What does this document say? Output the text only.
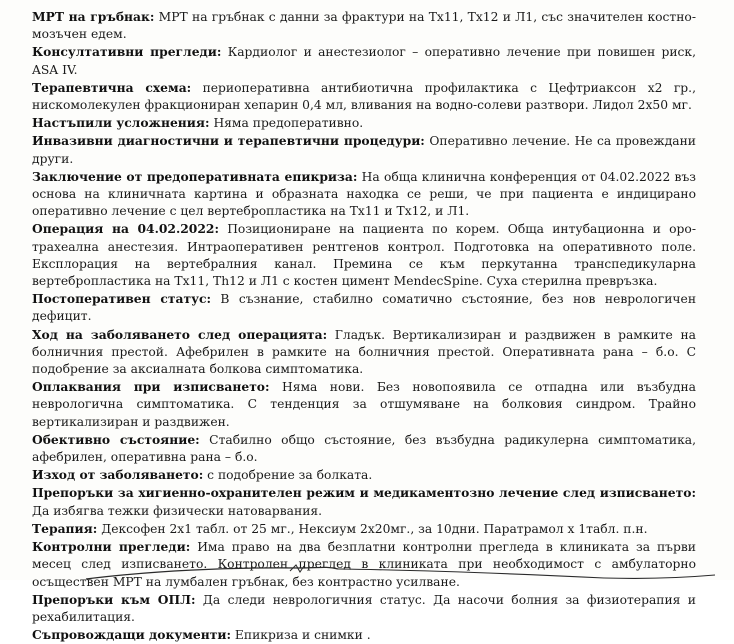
МРТ на гръбнак: МРТ на гръбнак с данни за фрактури на Tx11, Tx12 и Л1, със значителен костно-мозъчен едем.

Консултативни прегледи: Кардиолог и анестезиолог – оперативно лечение при повишен риск, ASA IV.

Терапевтична схема: периоперативна антибиотична профилактика с Цефтриаксон х2 гр., нискомолекулен фракциониран хепарин 0,4 мл, вливания на водно-солеви разтвори. Лидол 2х50 мг.

Настъпили усложнения: Няма предоперативно.

Инвазивни диагностични и терапевтични процедури: Оперативно лечение. Не са провеждани други.

Заключение от предоперативната епикриза: На обща клинична конференция от 04.02.2022 въз основа на клиничната картина и образната находка се реши, че при пациента е индицирано оперативно лечение с цел вертебропластика на Tx11 и Tx12, и Л1.

Операция на 04.02.2022: Позициониране на пациента по корем. Обща интубационна и оро-трахеална анестезия. Интраоперативен рентгенов контрол. Подготовка на оперативното поле. Експлорация на вертебралния канал. Премина се към перкутанна транспедикуларна вертебропластика на Tx11, Th12 и Л1 с костен цимент MendecSpine. Суха стерилна превръзка.

Постоперативен статус: В съзнание, стабилно соматично състояние, без нов неврологичен дефицит.

Ход на заболяването след операцията: Гладък. Вертикализиран и раздвижен в рамките на болничния престой. Афебрилен в рамките на болничния престой. Оперативната рана – б.о. С подобрение за аксиалната болкова симптоматика.

Оплаквания при изписването: Няма нови. Без новопоявила се отпадна или възбудна неврологична симптоматика. С тенденция за отшумяване на болковия синдром. Трайно вертикализиран и раздвижен.

Обективно състояние: Стабилно общо състояние, без възбудна радикулерна симптоматика, афебрилен, оперативна рана – б.о.

Изход от заболяването: с подобрение за болката.

Препоръки за хигиенно-охранителен режим и медикаментозно лечение след изписването: Да избягва тежки физически натоварвания.

Терапия: Дексофен 2х1 табл. от 25 мг., Нексиум 2х20мг., за 10дни. Паратрамол х 1табл. п.н.

Контролни прегледи: Има право на два безплатни контролни прегледа в клиниката за първи месец след изписването. Контролен преглед в клиниката при необходимост с амбулаторно осъществен МРТ на лумбален гръбнак, без контрастно усилване.

Препоръки към ОПЛ: Да следи неврологичния статус. Да насочи болния за физиотерапия и рехабилитация.

Съпровождащи документи: Епикриза и снимки .
